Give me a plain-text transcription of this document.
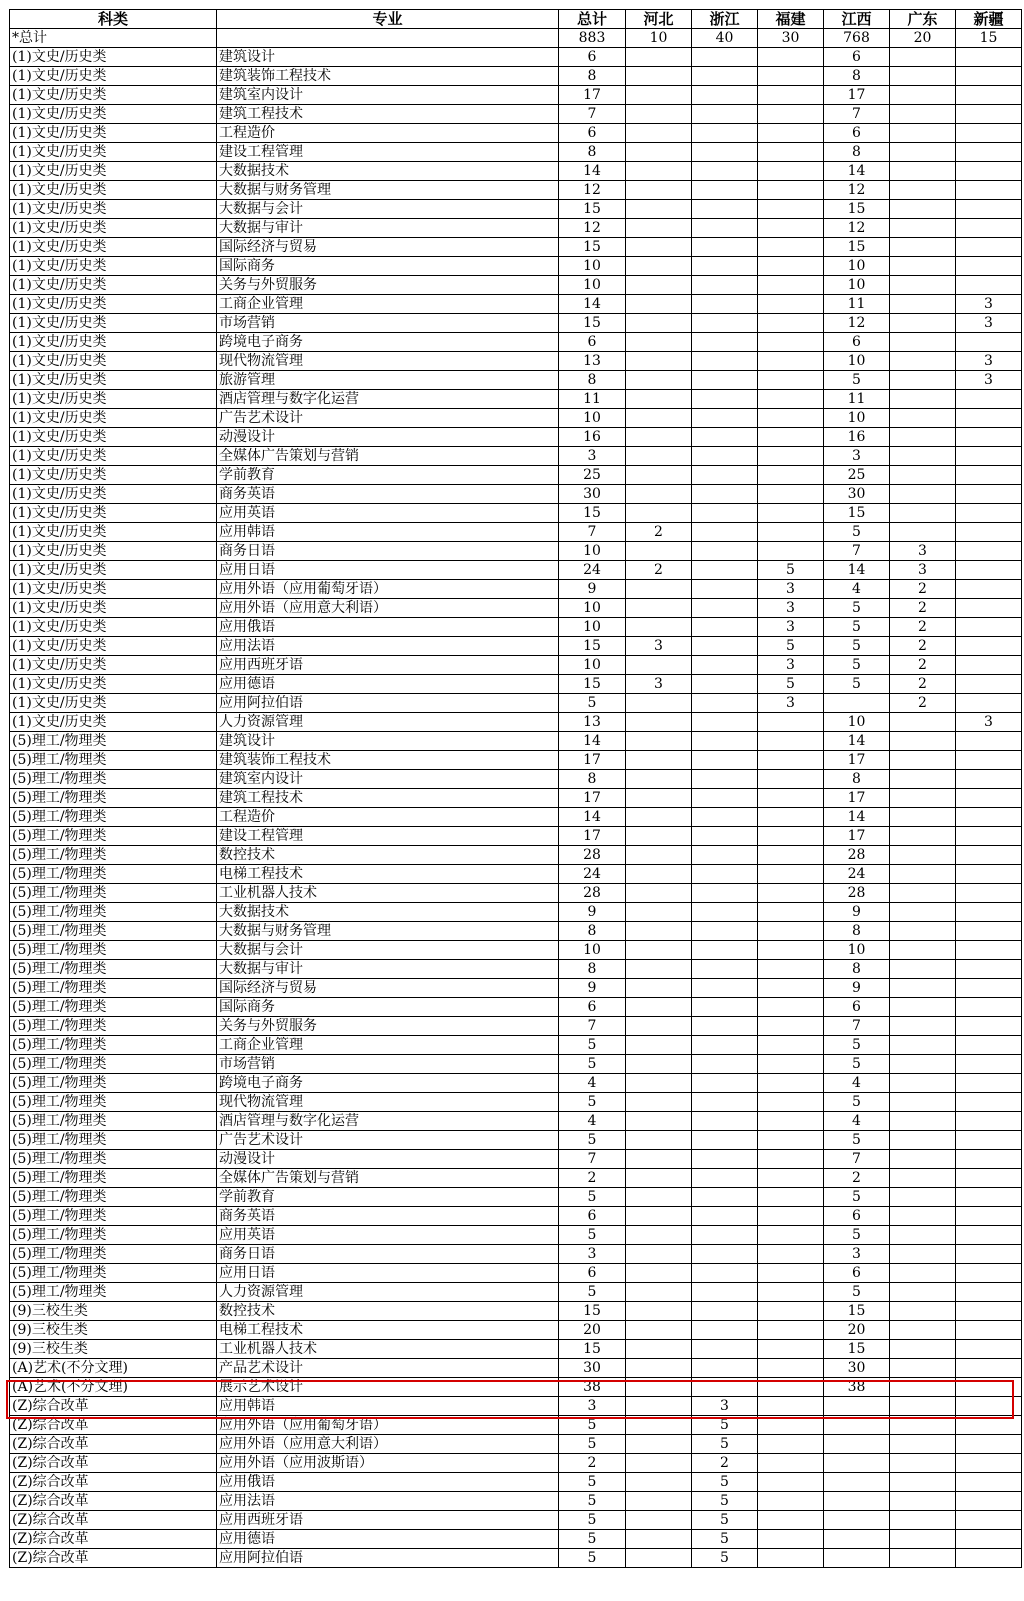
科类	专业	总计	河北	浙江	福建	江西	广东	新疆
*总计		883	10	40	30	768	20	15
(1)文史/历史类	建筑设计	6				6		
(1)文史/历史类	建筑装饰工程技术	8				8		
(1)文史/历史类	建筑室内设计	17				17		
(1)文史/历史类	建筑工程技术	7				7		
(1)文史/历史类	工程造价	6				6		
(1)文史/历史类	建设工程管理	8				8		
(1)文史/历史类	大数据技术	14				14		
(1)文史/历史类	大数据与财务管理	12				12		
(1)文史/历史类	大数据与会计	15				15		
(1)文史/历史类	大数据与审计	12				12		
(1)文史/历史类	国际经济与贸易	15				15		
(1)文史/历史类	国际商务	10				10		
(1)文史/历史类	关务与外贸服务	10				10		
(1)文史/历史类	工商企业管理	14				11		3
(1)文史/历史类	市场营销	15				12		3
(1)文史/历史类	跨境电子商务	6				6		
(1)文史/历史类	现代物流管理	13				10		3
(1)文史/历史类	旅游管理	8				5		3
(1)文史/历史类	酒店管理与数字化运营	11				11		
(1)文史/历史类	广告艺术设计	10				10		
(1)文史/历史类	动漫设计	16				16		
(1)文史/历史类	全媒体广告策划与营销	3				3		
(1)文史/历史类	学前教育	25				25		
(1)文史/历史类	商务英语	30				30		
(1)文史/历史类	应用英语	15				15		
(1)文史/历史类	应用韩语	7	2			5		
(1)文史/历史类	商务日语	10				7	3	
(1)文史/历史类	应用日语	24	2		5	14	3	
(1)文史/历史类	应用外语（应用葡萄牙语）	9			3	4	2	
(1)文史/历史类	应用外语（应用意大利语）	10			3	5	2	
(1)文史/历史类	应用俄语	10			3	5	2	
(1)文史/历史类	应用法语	15	3		5	5	2	
(1)文史/历史类	应用西班牙语	10			3	5	2	
(1)文史/历史类	应用德语	15	3		5	5	2	
(1)文史/历史类	应用阿拉伯语	5			3		2	
(1)文史/历史类	人力资源管理	13				10		3
(5)理工/物理类	建筑设计	14				14		
(5)理工/物理类	建筑装饰工程技术	17				17		
(5)理工/物理类	建筑室内设计	8				8		
(5)理工/物理类	建筑工程技术	17				17		
(5)理工/物理类	工程造价	14				14		
(5)理工/物理类	建设工程管理	17				17		
(5)理工/物理类	数控技术	28				28		
(5)理工/物理类	电梯工程技术	24				24		
(5)理工/物理类	工业机器人技术	28				28		
(5)理工/物理类	大数据技术	9				9		
(5)理工/物理类	大数据与财务管理	8				8		
(5)理工/物理类	大数据与会计	10				10		
(5)理工/物理类	大数据与审计	8				8		
(5)理工/物理类	国际经济与贸易	9				9		
(5)理工/物理类	国际商务	6				6		
(5)理工/物理类	关务与外贸服务	7				7		
(5)理工/物理类	工商企业管理	5				5		
(5)理工/物理类	市场营销	5				5		
(5)理工/物理类	跨境电子商务	4				4		
(5)理工/物理类	现代物流管理	5				5		
(5)理工/物理类	酒店管理与数字化运营	4				4		
(5)理工/物理类	广告艺术设计	5				5		
(5)理工/物理类	动漫设计	7				7		
(5)理工/物理类	全媒体广告策划与营销	2				2		
(5)理工/物理类	学前教育	5				5		
(5)理工/物理类	商务英语	6				6		
(5)理工/物理类	应用英语	5				5		
(5)理工/物理类	商务日语	3				3		
(5)理工/物理类	应用日语	6				6		
(5)理工/物理类	人力资源管理	5				5		
(9)三校生类	数控技术	15				15		
(9)三校生类	电梯工程技术	20				20		
(9)三校生类	工业机器人技术	15				15		
(A)艺术(不分文理)	产品艺术设计	30				30		
(A)艺术(不分文理)	展示艺术设计	38				38		
(Z)综合改革	应用韩语	3		3				
(Z)综合改革	应用外语（应用葡萄牙语）	5		5				
(Z)综合改革	应用外语（应用意大利语）	5		5				
(Z)综合改革	应用外语（应用波斯语）	2		2				
(Z)综合改革	应用俄语	5		5				
(Z)综合改革	应用法语	5		5				
(Z)综合改革	应用西班牙语	5		5				
(Z)综合改革	应用德语	5		5				
(Z)综合改革	应用阿拉伯语	5		5				
